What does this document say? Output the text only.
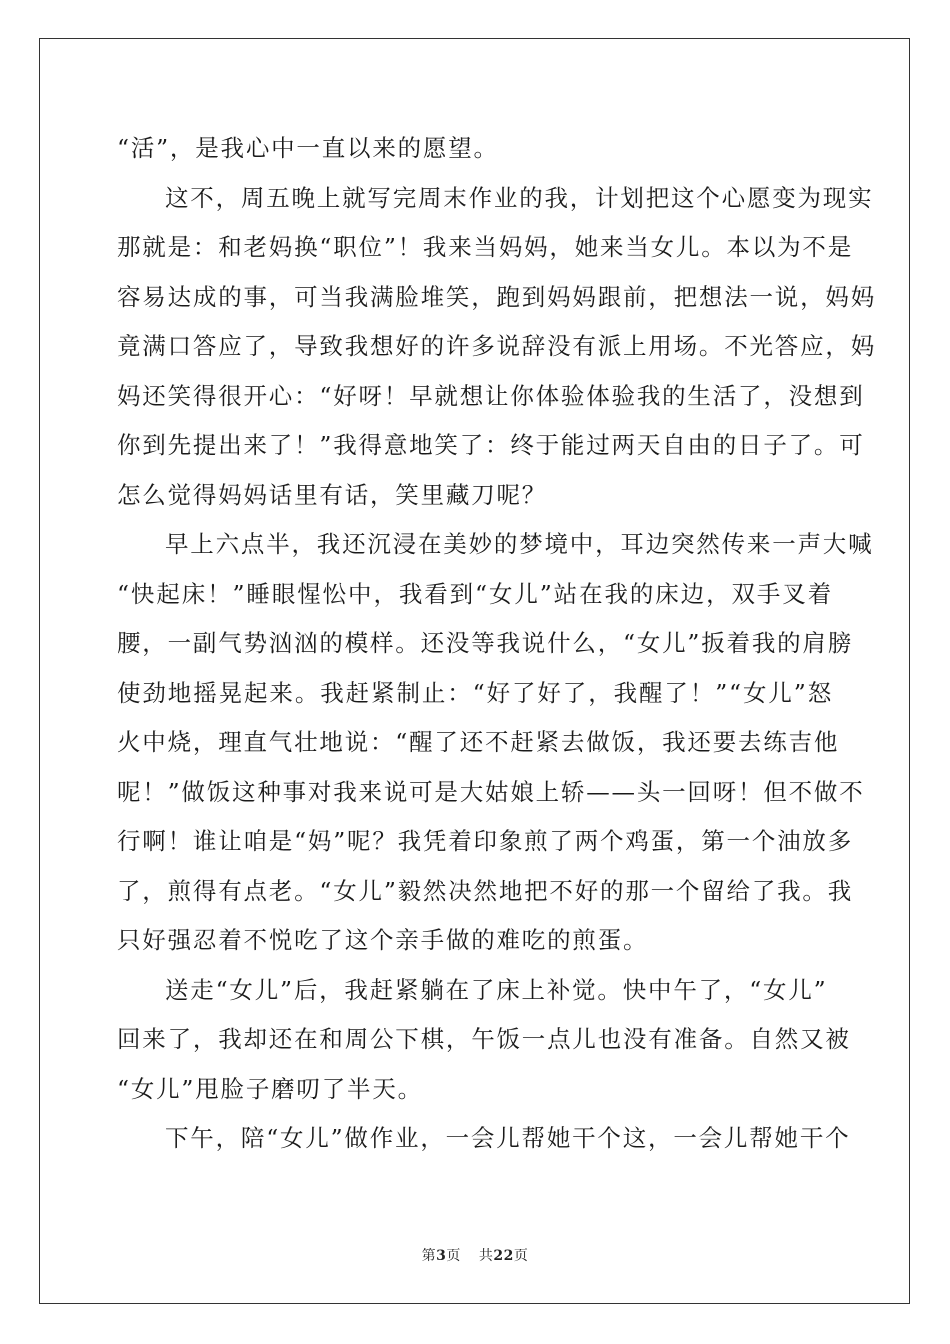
“活”，是我心中一直以来的愿望。
这不，周五晚上就写完周末作业的我，计划把这个心愿变为现实
那就是：和老妈换“职位”！我来当妈妈，她来当女儿。本以为不是
容易达成的事，可当我满脸堆笑，跑到妈妈跟前，把想法一说，妈妈
竟满口答应了，导致我想好的许多说辞没有派上用场。不光答应，妈
妈还笑得很开心：“好呀！早就想让你体验体验我的生活了，没想到
你到先提出来了！”我得意地笑了：终于能过两天自由的日子了。可
怎么觉得妈妈话里有话，笑里藏刀呢？
早上六点半，我还沉浸在美妙的梦境中，耳边突然传来一声大喊
“快起床！”睡眼惺忪中，我看到“女儿”站在我的床边，双手叉着
腰，一副气势汹汹的模样。还没等我说什么，“女儿”扳着我的肩膀
使劲地摇晃起来。我赶紧制止：“好了好了，我醒了！”“女儿”怒
火中烧，理直气壮地说：“醒了还不赶紧去做饭，我还要去练吉他
呢！”做饭这种事对我来说可是大姑娘上轿——头一回呀！但不做不
行啊！谁让咱是“妈”呢？我凭着印象煎了两个鸡蛋，第一个油放多
了，煎得有点老。“女儿”毅然决然地把不好的那一个留给了我。我
只好强忍着不悦吃了这个亲手做的难吃的煎蛋。
送走“女儿”后，我赶紧躺在了床上补觉。快中午了，“女儿”
回来了，我却还在和周公下棋，午饭一点儿也没有准备。自然又被
“女儿”甩脸子磨叨了半天。
下午，陪“女儿”做作业，一会儿帮她干个这，一会儿帮她干个
第3页 共22页
